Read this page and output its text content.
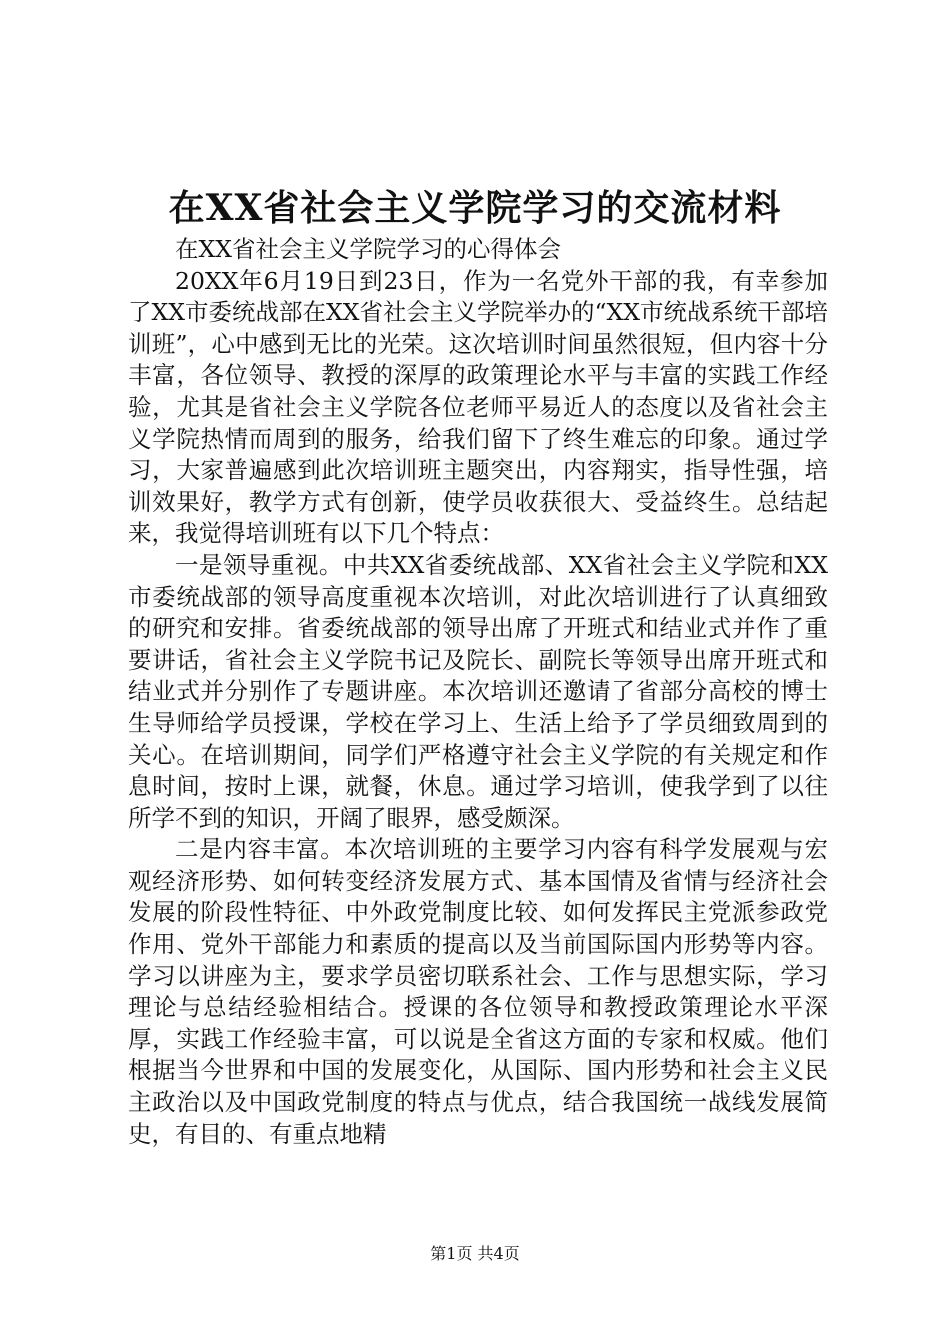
在XX省社会主义学院学习的交流材料

在XX省社会主义学院学习的心得体会

20XX年6月19日到23日，作为一名党外干部的我，有幸参加了XX市委统战部在XX省社会主义学院举办的“XX市统战系统干部培训班”，心中感到无比的光荣。这次培训时间虽然很短，但内容十分丰富，各位领导、教授的深厚的政策理论水平与丰富的实践工作经验，尤其是省社会主义学院各位老师平易近人的态度以及省社会主义学院热情而周到的服务，给我们留下了终生难忘的印象。通过学习，大家普遍感到此次培训班主题突出，内容翔实，指导性强，培训效果好，教学方式有创新，使学员收获很大、受益终生。总结起来，我觉得培训班有以下几个特点：

一是领导重视。中共XX省委统战部、XX省社会主义学院和XX市委统战部的领导高度重视本次培训，对此次培训进行了认真细致的研究和安排。省委统战部的领导出席了开班式和结业式并作了重要讲话，省社会主义学院书记及院长、副院长等领导出席开班式和结业式并分别作了专题讲座。本次培训还邀请了省部分高校的博士生导师给学员授课，学校在学习上、生活上给予了学员细致周到的关心。在培训期间，同学们严格遵守社会主义学院的有关规定和作息时间，按时上课，就餐，休息。通过学习培训，使我学到了以往所学不到的知识，开阔了眼界，感受颇深。

二是内容丰富。本次培训班的主要学习内容有科学发展观与宏观经济形势、如何转变经济发展方式、基本国情及省情与经济社会发展的阶段性特征、中外政党制度比较、如何发挥民主党派参政党作用、党外干部能力和素质的提高以及当前国际国内形势等内容。学习以讲座为主，要求学员密切联系社会、工作与思想实际，学习理论与总结经验相结合。授课的各位领导和教授政策理论水平深厚，实践工作经验丰富，可以说是全省这方面的专家和权威。他们根据当今世界和中国的发展变化，从国际、国内形势和社会主义民主政治以及中国政党制度的特点与优点，结合我国统一战线发展简史，有目的、有重点地精

第1页 共4页
